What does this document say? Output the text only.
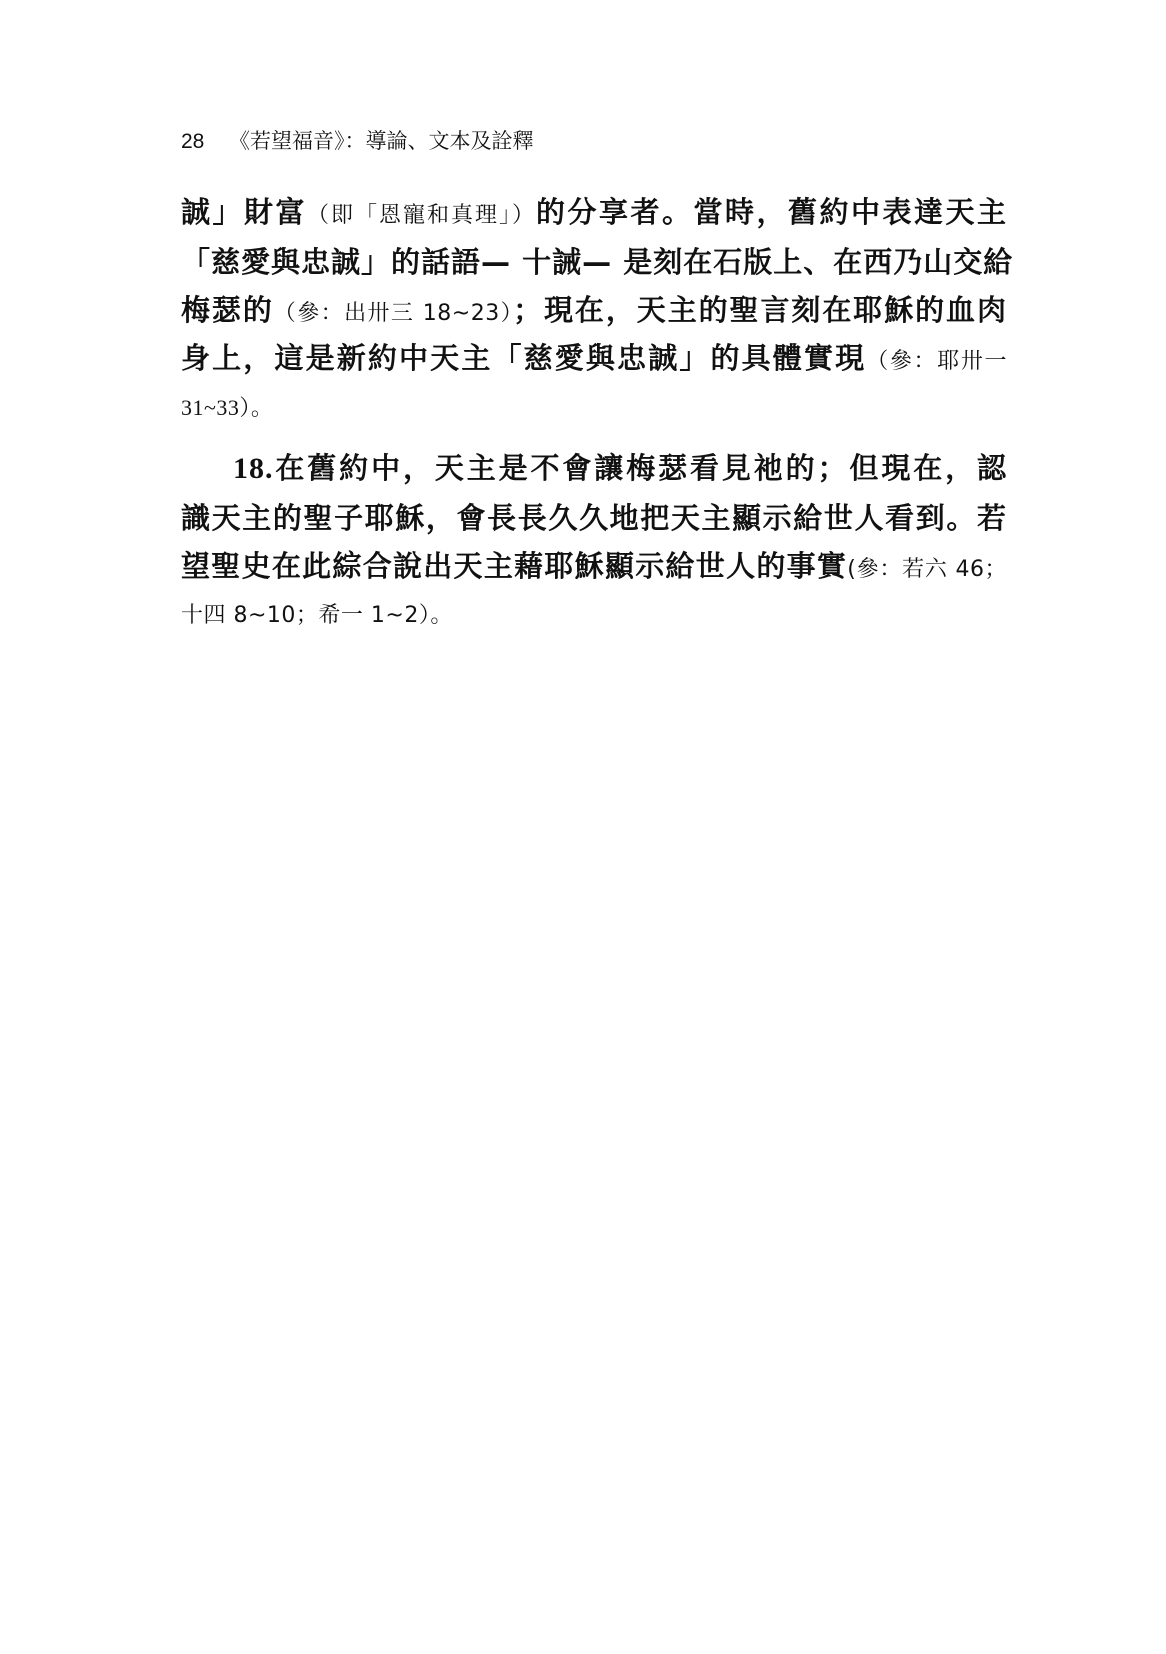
28 《若望福音》：導論、文本及詮釋
誠」財富（即「恩寵和真理」）的分享者。當時，舊約中表達天主
「慈愛與忠誠」的話語— 十誡— 是刻在石版上、在西乃山交給
梅瑟的（參：出卅三 18~23）；現在，天主的聖言刻在耶穌的血肉
身上，這是新約中天主「慈愛與忠誠」的具體實現（參：耶卅一
31~33）。
18.在舊約中，天主是不會讓梅瑟看見祂的；但現在，認
識天主的聖子耶穌，會長長久久地把天主顯示給世人看到。若
望聖史在此綜合說出天主藉耶穌顯示給世人的事實(參：若六 46；
十四 8~10；希一 1~2）。
